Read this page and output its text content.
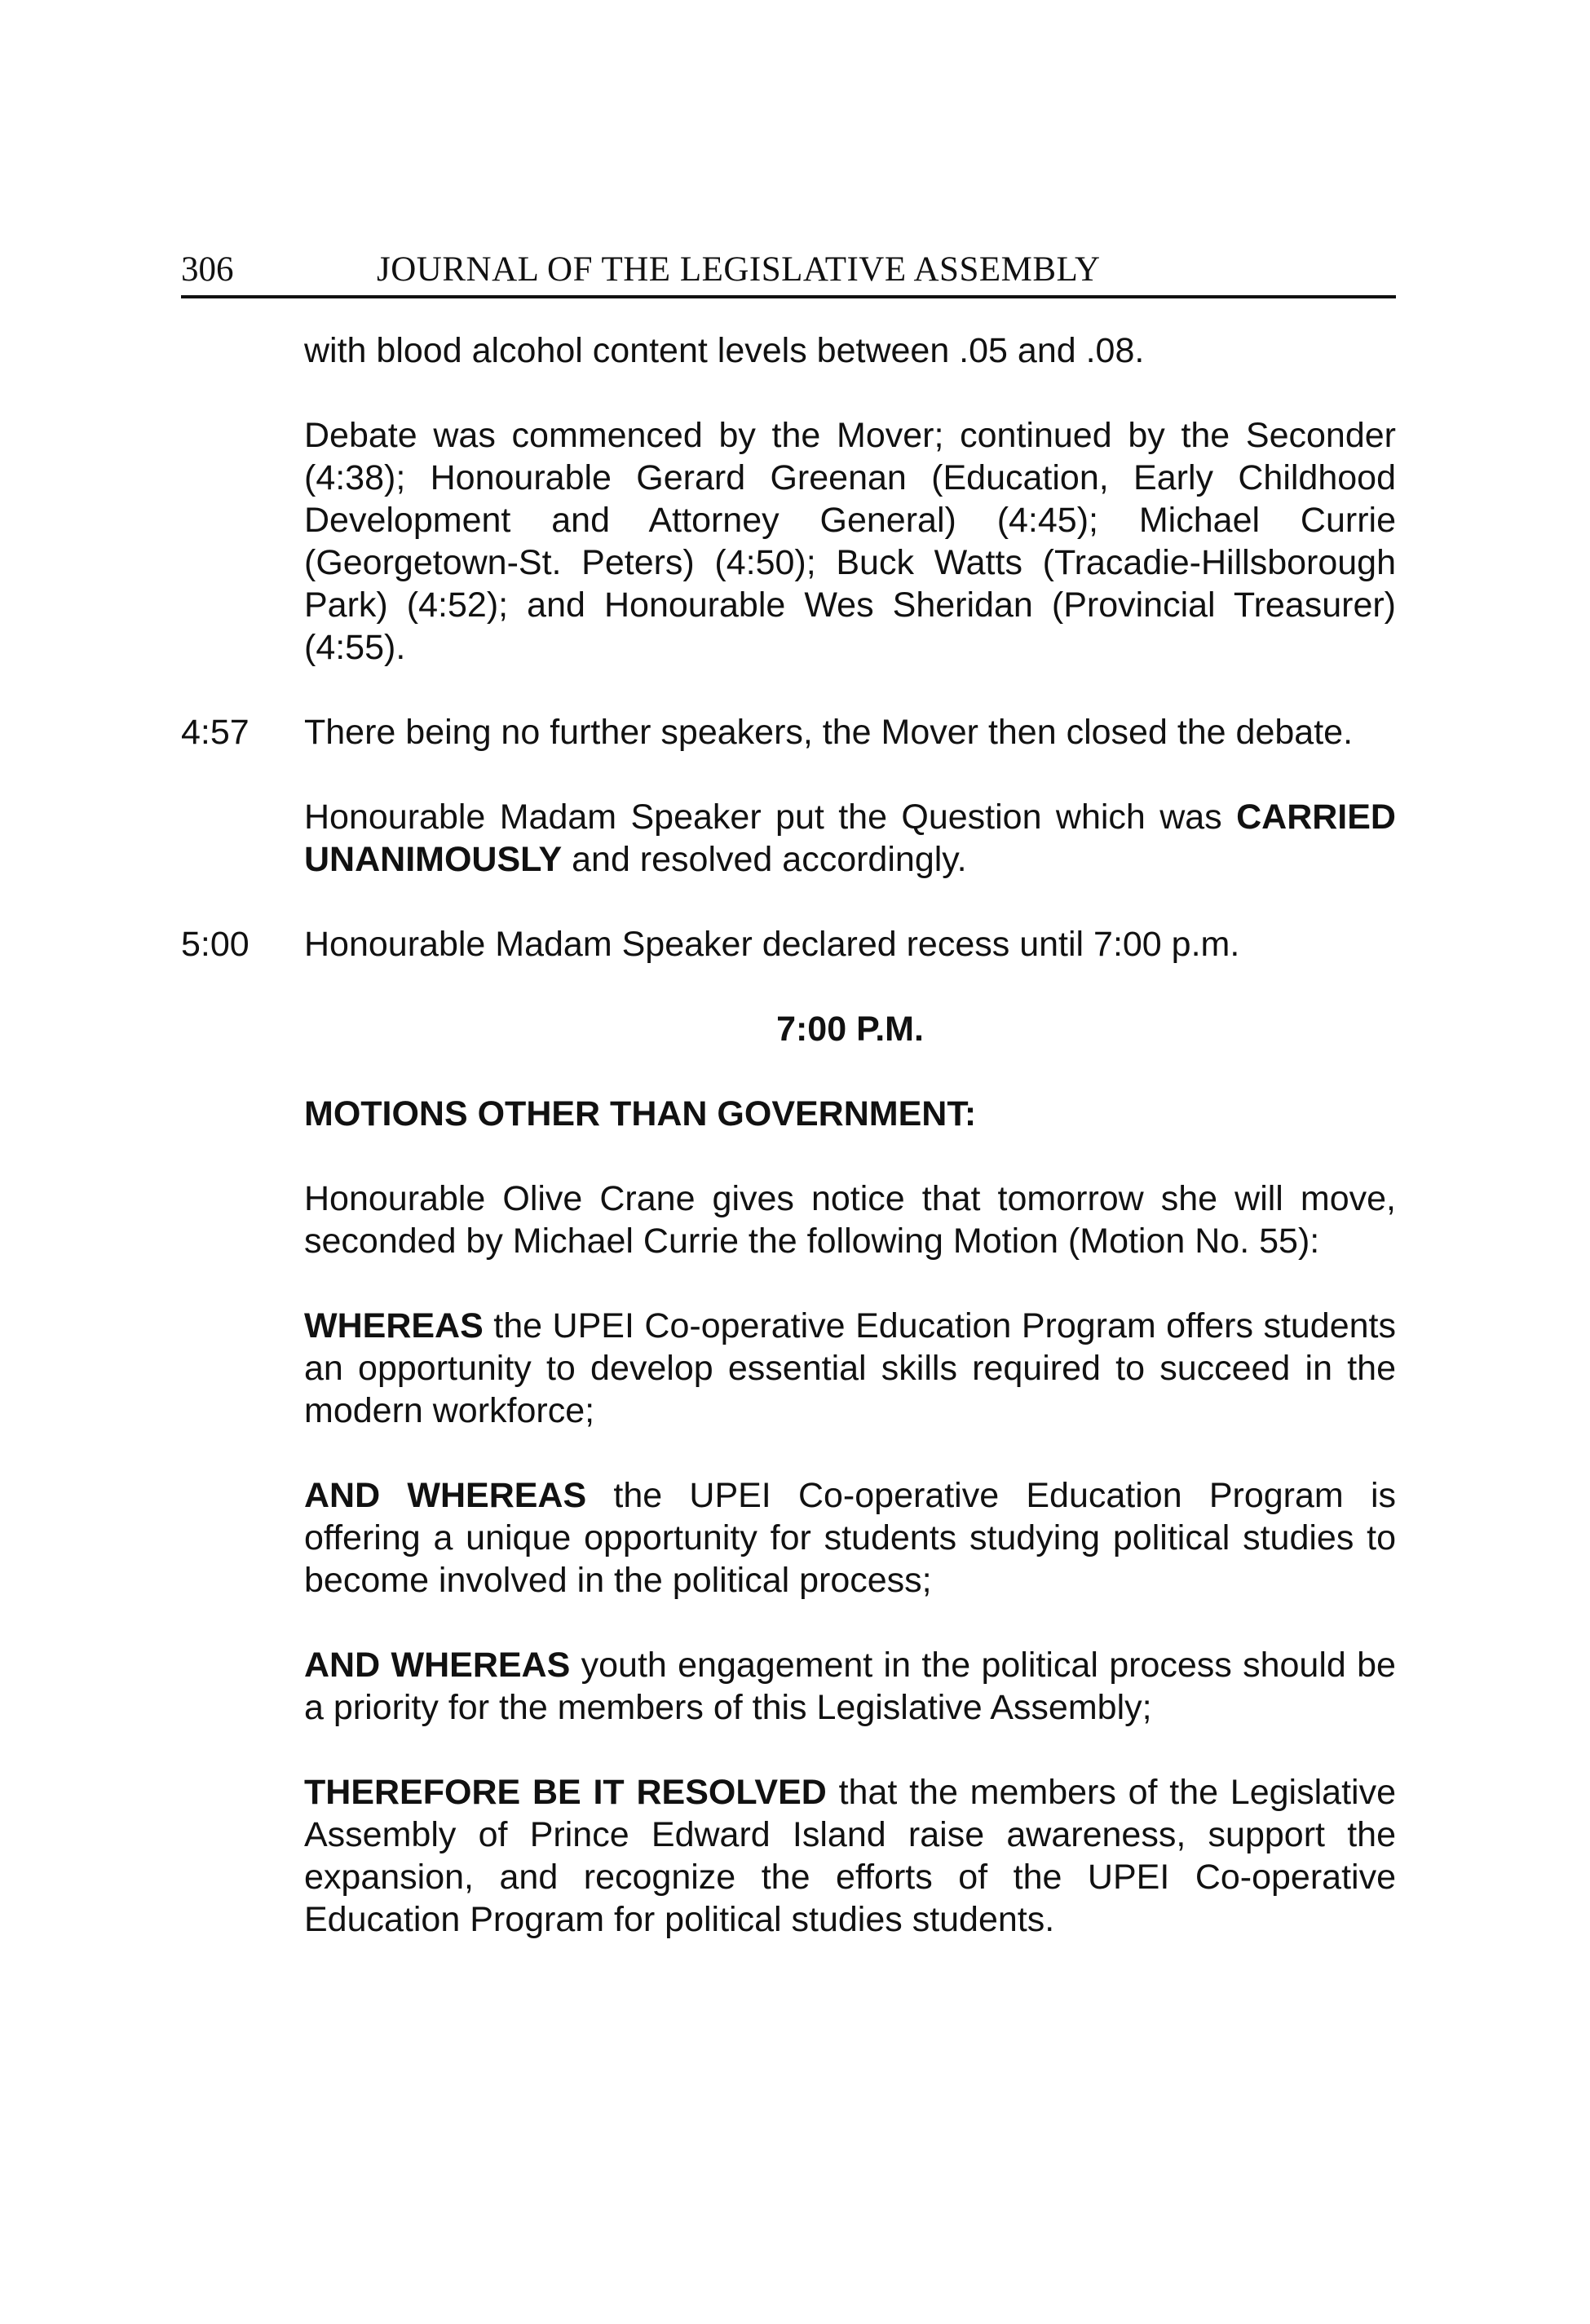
306	JOURNAL OF THE LEGISLATIVE ASSEMBLY
with blood alcohol content levels between .05 and .08.
Debate was commenced by the Mover; continued by the Seconder (4:38); Honourable Gerard Greenan (Education, Early Childhood Development and Attorney General) (4:45); Michael Currie (Georgetown-St. Peters) (4:50); Buck Watts (Tracadie-Hillsborough Park) (4:52); and Honourable Wes Sheridan (Provincial Treasurer) (4:55).
4:57 There being no further speakers, the Mover then closed the debate.
Honourable Madam Speaker put the Question which was CARRIED UNANIMOUSLY and resolved accordingly.
5:00 Honourable Madam Speaker declared recess until 7:00 p.m.
7:00 P.M.
MOTIONS OTHER THAN GOVERNMENT:
Honourable Olive Crane gives notice that tomorrow she will move, seconded by Michael Currie the following Motion (Motion No. 55):
WHEREAS the UPEI Co-operative Education Program offers students an opportunity to develop essential skills required to succeed in the modern workforce;
AND WHEREAS the UPEI Co-operative Education Program is offering a unique opportunity for students studying political studies to become involved in the political process;
AND WHEREAS youth engagement in the political process should be a priority for the members of this Legislative Assembly;
THEREFORE BE IT RESOLVED that the members of the Legislative Assembly of Prince Edward Island raise awareness, support the expansion, and recognize the efforts of the UPEI Co-operative Education Program for political studies students.
